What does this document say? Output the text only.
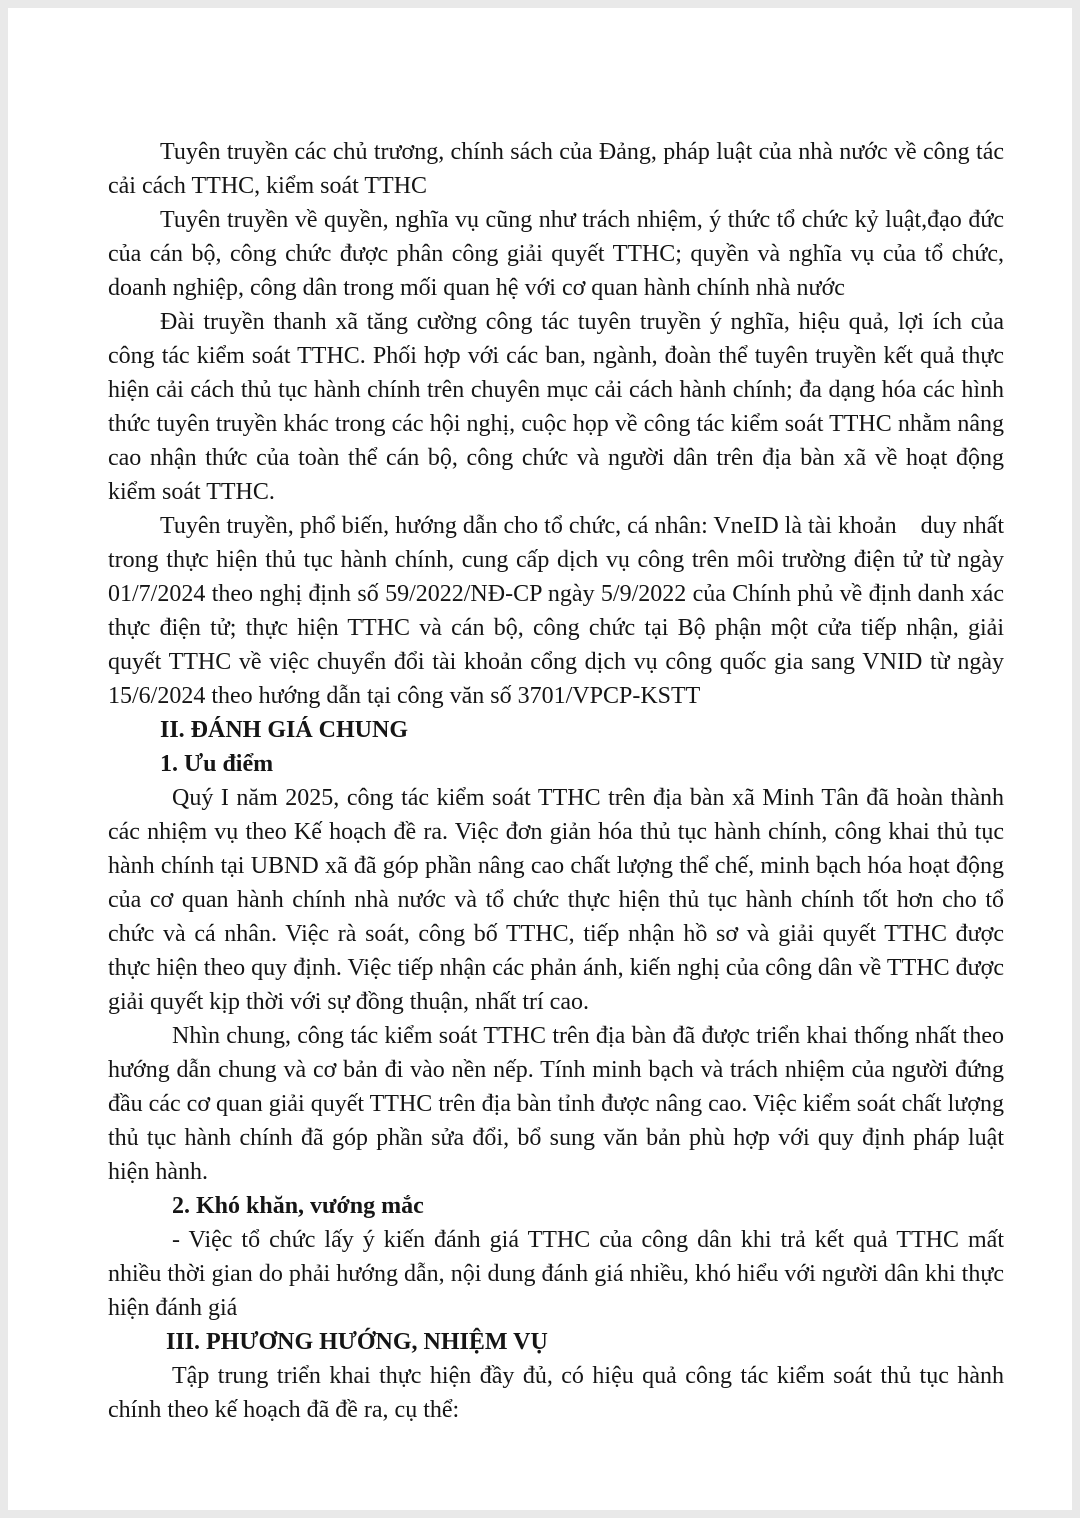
Tuyên truyền các chủ trương, chính sách của Đảng, pháp luật của nhà nước về công tác cải cách TTHC, kiểm soát TTHC

Tuyên truyền về quyền, nghĩa vụ cũng như trách nhiệm, ý thức tổ chức kỷ luật,đạo đức của cán bộ, công chức được phân công giải quyết TTHC; quyền và nghĩa vụ của tổ chức, doanh nghiệp, công dân trong mối quan hệ với cơ quan hành chính nhà nước

Đài truyền thanh xã tăng cường công tác tuyên truyền ý nghĩa, hiệu quả, lợi ích của công tác kiểm soát TTHC. Phối hợp với các ban, ngành, đoàn thể tuyên truyền kết quả thực hiện cải cách thủ tục hành chính trên chuyên mục cải cách hành chính; đa dạng hóa các hình thức tuyên truyền khác trong các hội nghị, cuộc họp về công tác kiểm soát TTHC nhằm nâng cao nhận thức của toàn thể cán bộ, công chức và người dân trên địa bàn xã về hoạt động kiểm soát TTHC.

Tuyên truyền, phổ biến, hướng dẫn cho tổ chức, cá nhân: VneID là tài khoản    duy nhất trong thực hiện thủ tục hành chính, cung cấp dịch vụ công trên môi trường điện tử từ ngày 01/7/2024 theo nghị định số 59/2022/NĐ-CP ngày 5/9/2022 của Chính phủ về định danh xác thực điện tử; thực hiện TTHC và cán bộ, công chức tại Bộ phận một cửa tiếp nhận, giải quyết TTHC về việc chuyển đổi tài khoản cổng dịch vụ công quốc gia sang VNID từ ngày 15/6/2024 theo hướng dẫn tại công văn số 3701/VPCP-KSTT

II. ĐÁNH GIÁ CHUNG

1. Ưu điểm

Quý I năm 2025, công tác kiểm soát TTHC trên địa bàn xã Minh Tân đã hoàn thành các nhiệm vụ theo Kế hoạch đề ra. Việc đơn giản hóa thủ tục hành chính, công khai thủ tục hành chính tại UBND xã đã góp phần nâng cao chất lượng thể chế, minh bạch hóa hoạt động của cơ quan hành chính nhà nước và tổ chức thực hiện thủ tục hành chính tốt hơn cho tổ chức và cá nhân. Việc rà soát, công bố TTHC, tiếp nhận hồ sơ và giải quyết TTHC được thực hiện theo quy định. Việc tiếp nhận các phản ánh, kiến nghị của công dân về TTHC được giải quyết kịp thời với sự đồng thuận, nhất trí cao.

Nhìn chung, công tác kiểm soát TTHC trên địa bàn đã được triển khai thống nhất theo hướng dẫn chung và cơ bản đi vào nền nếp. Tính minh bạch và trách nhiệm của người đứng đầu các cơ quan giải quyết TTHC trên địa bàn tỉnh được nâng cao. Việc kiểm soát chất lượng thủ tục hành chính đã góp phần sửa đổi, bổ sung văn bản phù hợp với quy định pháp luật hiện hành.

2. Khó khăn, vướng mắc

- Việc tổ chức lấy ý kiến đánh giá TTHC của công dân khi trả kết quả TTHC mất nhiều thời gian do phải hướng dẫn, nội dung đánh giá nhiều, khó hiểu với người dân khi thực hiện đánh giá

III. PHƯƠNG HƯỚNG, NHIỆM VỤ

Tập trung triển khai thực hiện đầy đủ, có hiệu quả công tác kiểm soát thủ tục hành chính theo kế hoạch đã đề ra, cụ thể:
